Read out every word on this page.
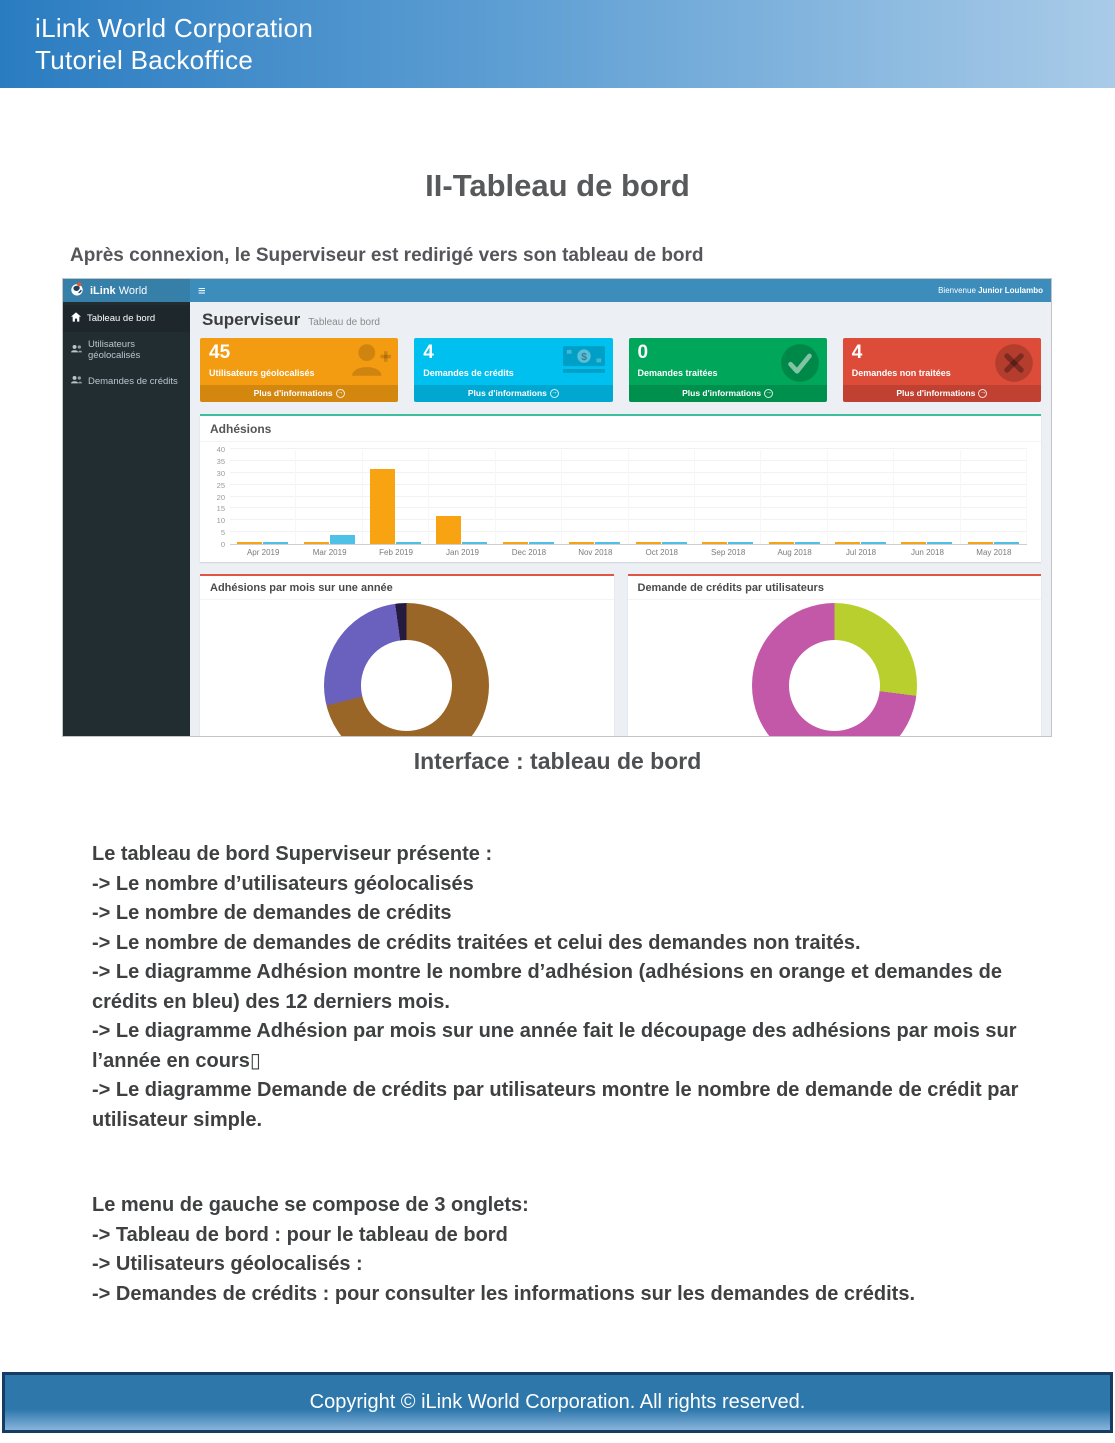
iLink World Corporation
Tutoriel Backoffice
II-Tableau de bord

Après connexion, le Superviseur est redirigé vers son tableau de bord

iLink World	≡	Bienvenue Junior Loulambo
Tableau de bord
Utilisateurs géolocalisés
Demandes de crédits
Superviseur Tableau de bord
45
Utilisateurs géolocalisés
Plus d'informations →
4
Demandes de crédits
$
Plus d'informations →
0
Demandes traitées
Plus d'informations →
4
Demandes non traitées
Plus d'informations →
Adhésions
0
5
10
15
20
25
30
35
40
Apr 2019	Mar 2019	Feb 2019	Jan 2019	Dec 2018	Nov 2018	Oct 2018	Sep 2018	Aug 2018	Jul 2018	Jun 2018	May 2018
Adhésions par mois sur une année	Demande de crédits par utilisateurs
Interface : tableau de bord
Le tableau de bord Superviseur présente :
-> Le nombre d’utilisateurs géolocalisés
-> Le nombre de demandes de crédits
-> Le nombre de demandes de crédits traitées et celui des demandes non traités.
-> Le diagramme Adhésion montre le nombre d’adhésion (adhésions en orange et demandes de crédits en bleu) des 12 derniers mois.
-> Le diagramme Adhésion par mois sur une année fait le découpage des adhésions par mois sur l’année en cours▯
-> Le diagramme Demande de crédits par utilisateurs montre le nombre de demande de crédit par utilisateur simple.
Le menu de gauche se compose de 3 onglets:
-> Tableau de bord : pour le tableau de bord
-> Utilisateurs géolocalisés :
-> Demandes de crédits : pour consulter les informations sur les demandes de crédits.
Copyright © iLink World Corporation. All rights reserved.
